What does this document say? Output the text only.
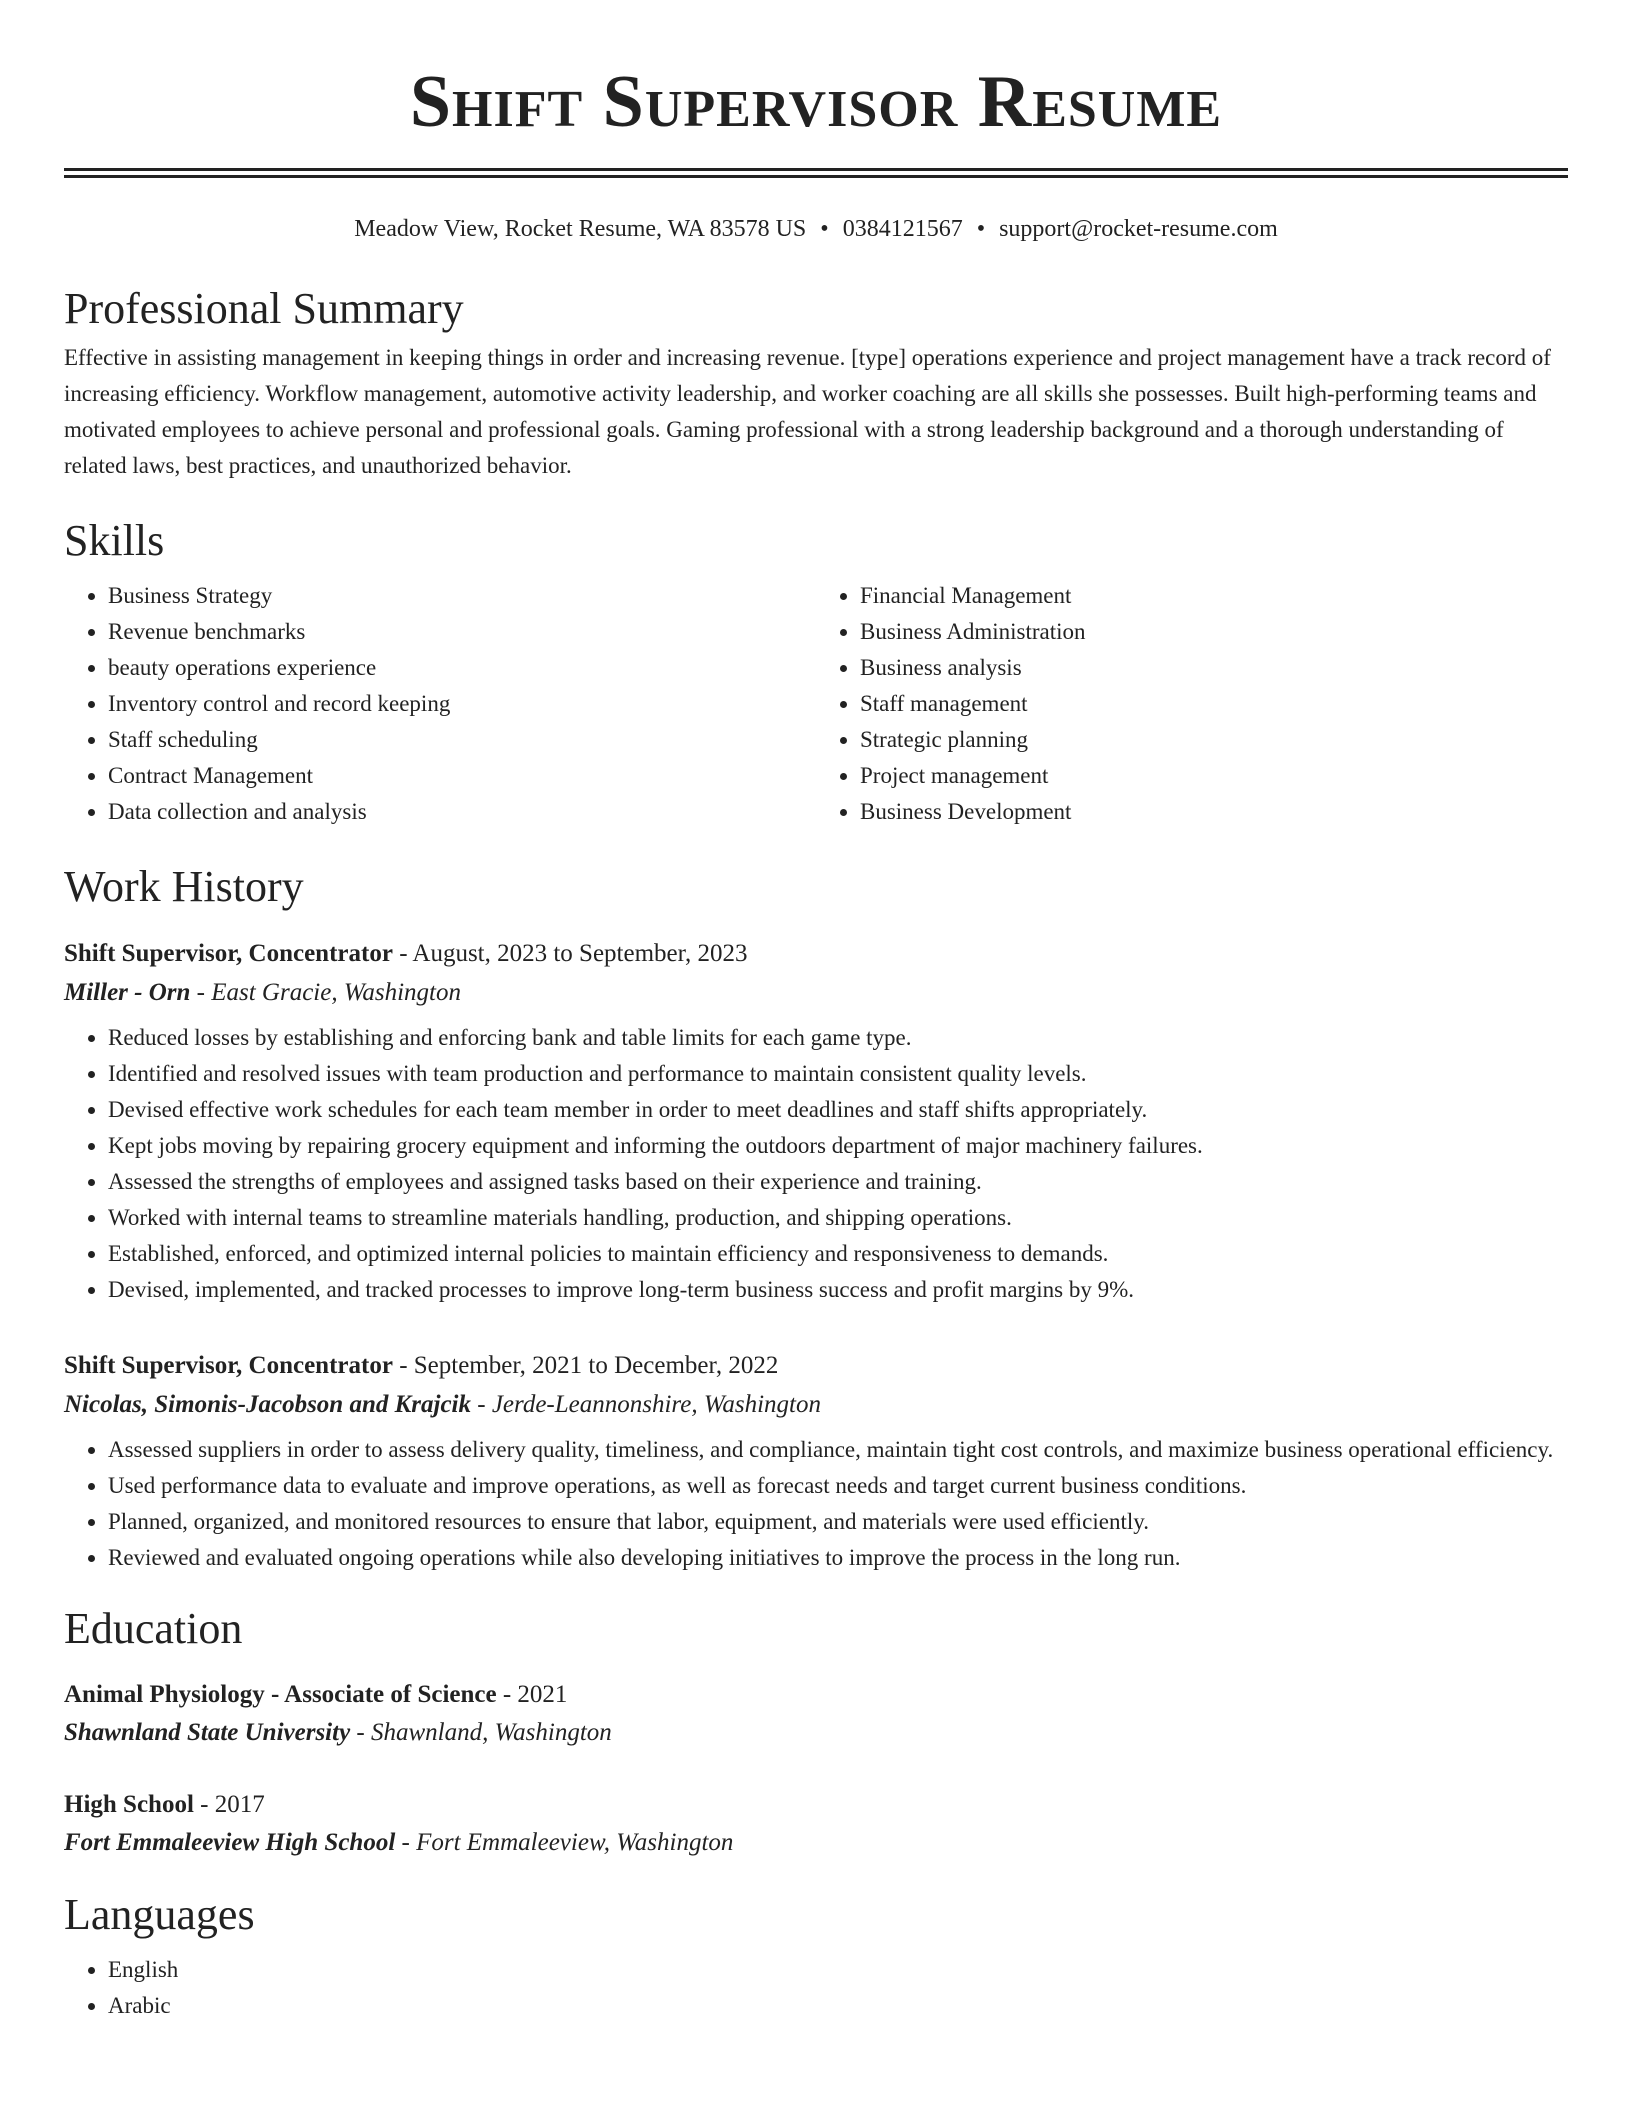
Shift Supervisor Resume
Meadow View, Rocket Resume, WA 83578 US • 0384121567 • support@rocket-resume.com
Professional Summary
Effective in assisting management in keeping things in order and increasing revenue. [type] operations experience and project management have a track record of increasing efficiency. Workflow management, automotive activity leadership, and worker coaching are all skills she possesses. Built high-performing teams and motivated employees to achieve personal and professional goals. Gaming professional with a strong leadership background and a thorough understanding of related laws, best practices, and unauthorized behavior.
Skills
• Business Strategy
• Revenue benchmarks
• beauty operations experience
• Inventory control and record keeping
• Staff scheduling
• Contract Management
• Data collection and analysis
• Financial Management
• Business Administration
• Business analysis
• Staff management
• Strategic planning
• Project management
• Business Development
Work History
Shift Supervisor, Concentrator - August, 2023 to September, 2023
Miller - Orn - East Gracie, Washington
• Reduced losses by establishing and enforcing bank and table limits for each game type.
• Identified and resolved issues with team production and performance to maintain consistent quality levels.
• Devised effective work schedules for each team member in order to meet deadlines and staff shifts appropriately.
• Kept jobs moving by repairing grocery equipment and informing the outdoors department of major machinery failures.
• Assessed the strengths of employees and assigned tasks based on their experience and training.
• Worked with internal teams to streamline materials handling, production, and shipping operations.
• Established, enforced, and optimized internal policies to maintain efficiency and responsiveness to demands.
• Devised, implemented, and tracked processes to improve long-term business success and profit margins by 9%.
Shift Supervisor, Concentrator - September, 2021 to December, 2022
Nicolas, Simonis-Jacobson and Krajcik - Jerde-Leannonshire, Washington
• Assessed suppliers in order to assess delivery quality, timeliness, and compliance, maintain tight cost controls, and maximize business operational efficiency.
• Used performance data to evaluate and improve operations, as well as forecast needs and target current business conditions.
• Planned, organized, and monitored resources to ensure that labor, equipment, and materials were used efficiently.
• Reviewed and evaluated ongoing operations while also developing initiatives to improve the process in the long run.
Education
Animal Physiology - Associate of Science - 2021
Shawnland State University - Shawnland, Washington
High School - 2017
Fort Emmaleeview High School - Fort Emmaleeview, Washington
Languages
• English
• Arabic
